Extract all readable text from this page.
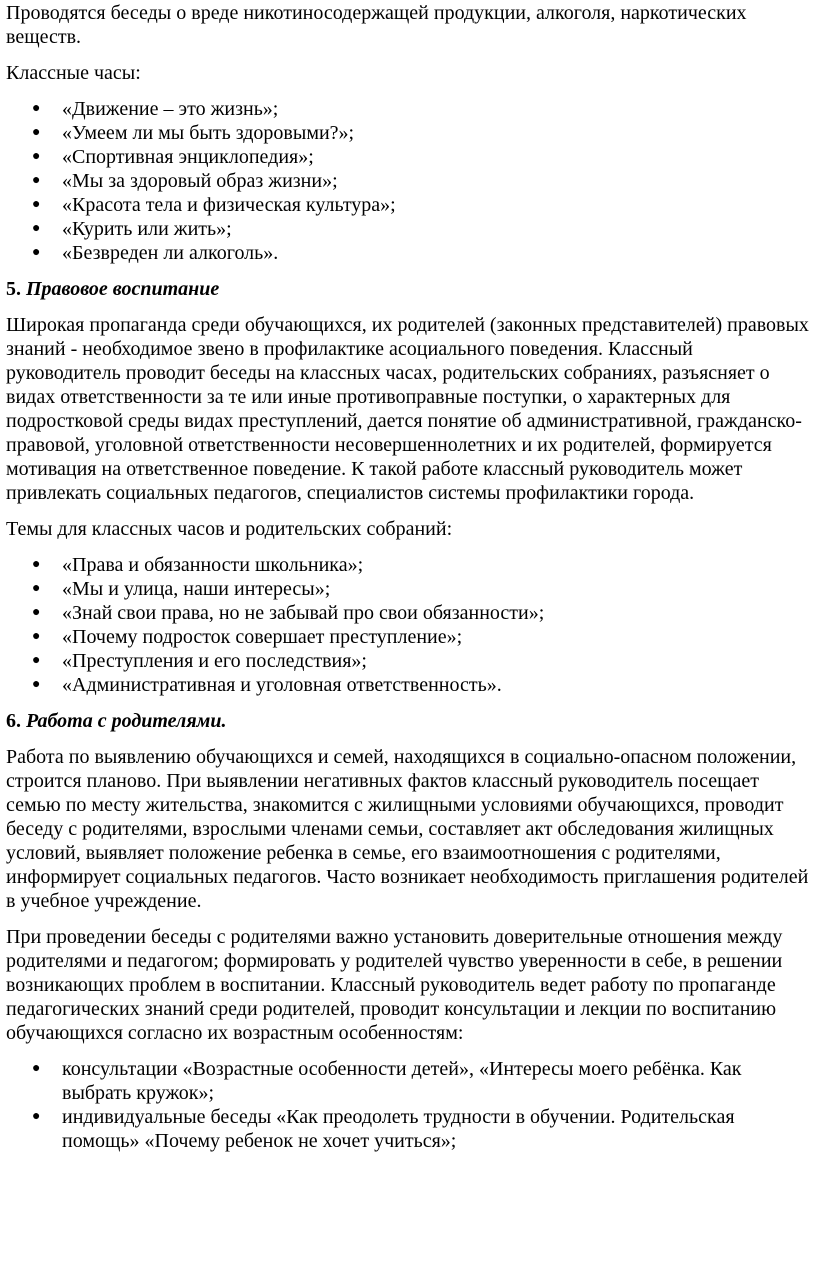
Проводятся беседы о вреде никотиносодержащей продукции, алкоголя, наркотических веществ.

Классные часы:

● «Движение – это жизнь»;
● «Умеем ли мы быть здоровыми?»;
● «Спортивная энциклопедия»;
● «Мы за здоровый образ жизни»;
● «Красота тела и физическая культура»;
● «Курить или жить»;
● «Безвреден ли алкоголь».
5. Правовое воспитание

Широкая пропаганда среди обучающихся, их родителей (законных представителей) правовых знаний - необходимое звено в профилактике асоциального поведения. Классный руководитель проводит беседы на классных часах, родительских собраниях, разъясняет о видах ответственности за те или иные противоправные поступки, о характерных для подростковой среды видах преступлений, дается понятие об административной, гражданско-правовой, уголовной ответственности несовершеннолетних и их родителей, формируется мотивация на ответственное поведение. К такой работе классный руководитель может привлекать социальных педагогов, специалистов системы профилактики города.

Темы для классных часов и родительских собраний:

● «Права и обязанности школьника»;
● «Мы и улица, наши интересы»;
● «Знай свои права, но не забывай про свои обязанности»;
● «Почему подросток совершает преступление»;
● «Преступления и его последствия»;
● «Административная и уголовная ответственность».
6. Работа с родителями.

Работа по выявлению обучающихся и семей, находящихся в социально-опасном положении, строится планово. При выявлении негативных фактов классный руководитель посещает семью по месту жительства, знакомится с жилищными условиями обучающихся, проводит беседу с родителями, взрослыми членами семьи, составляет акт обследования жилищных условий, выявляет положение ребенка в семье, его взаимоотношения с родителями, информирует социальных педагогов. Часто возникает необходимость приглашения родителей в учебное учреждение.

При проведении беседы с родителями важно установить доверительные отношения между родителями и педагогом; формировать у родителей чувство уверенности в себе, в решении возникающих проблем в воспитании. Классный руководитель ведет работу по пропаганде педагогических знаний среди родителей, проводит консультации и лекции по воспитанию обучающихся согласно их возрастным особенностям:

● консультации «Возрастные особенности детей», «Интересы моего ребёнка. Как выбрать кружок»;
● индивидуальные беседы «Как преодолеть трудности в обучении. Родительская помощь» «Почему ребенок не хочет учиться»;
